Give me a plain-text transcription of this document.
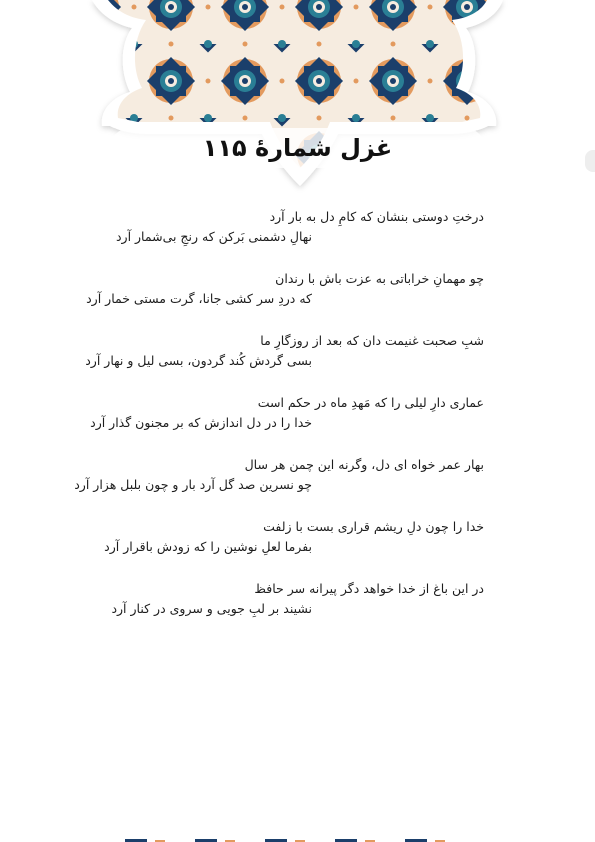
غزل شمارهٔ ۱۱۵
درختِ دوستی بنشان که کامِ دل به بار آرد
نهالِ دشمنی بَرکن که رنجِ بی‌شمار آرد
چو مهمانِ خراباتی به عزت باش با رندان
که دردِ سر کشی جانا، گرت مستی خمار آرد
شبِ صحبت غنیمت دان که بعد از روزگارِ ما
بسی گردش کُند گردون، بسی لیل و نهار آرد
عماری دارِ لیلی را که مَهدِ ماه در حکم است
خدا را در دل اندازش که بر مجنون گذار آرد
بهار عمر خواه ای دل، وگرنه این چمن هر سال
چو نسرین صد گل آرد بار و چون بلبل هزار آرد
خدا را چون دلِ ریشم قراری بست با زلفت
بفرما لعلِ نوشین را که زودش باقرار آرد
در این باغ از خدا خواهد دگر پیرانه سر حافظ
نشیند بر لبِ جویی و سروی در کنار آرد
